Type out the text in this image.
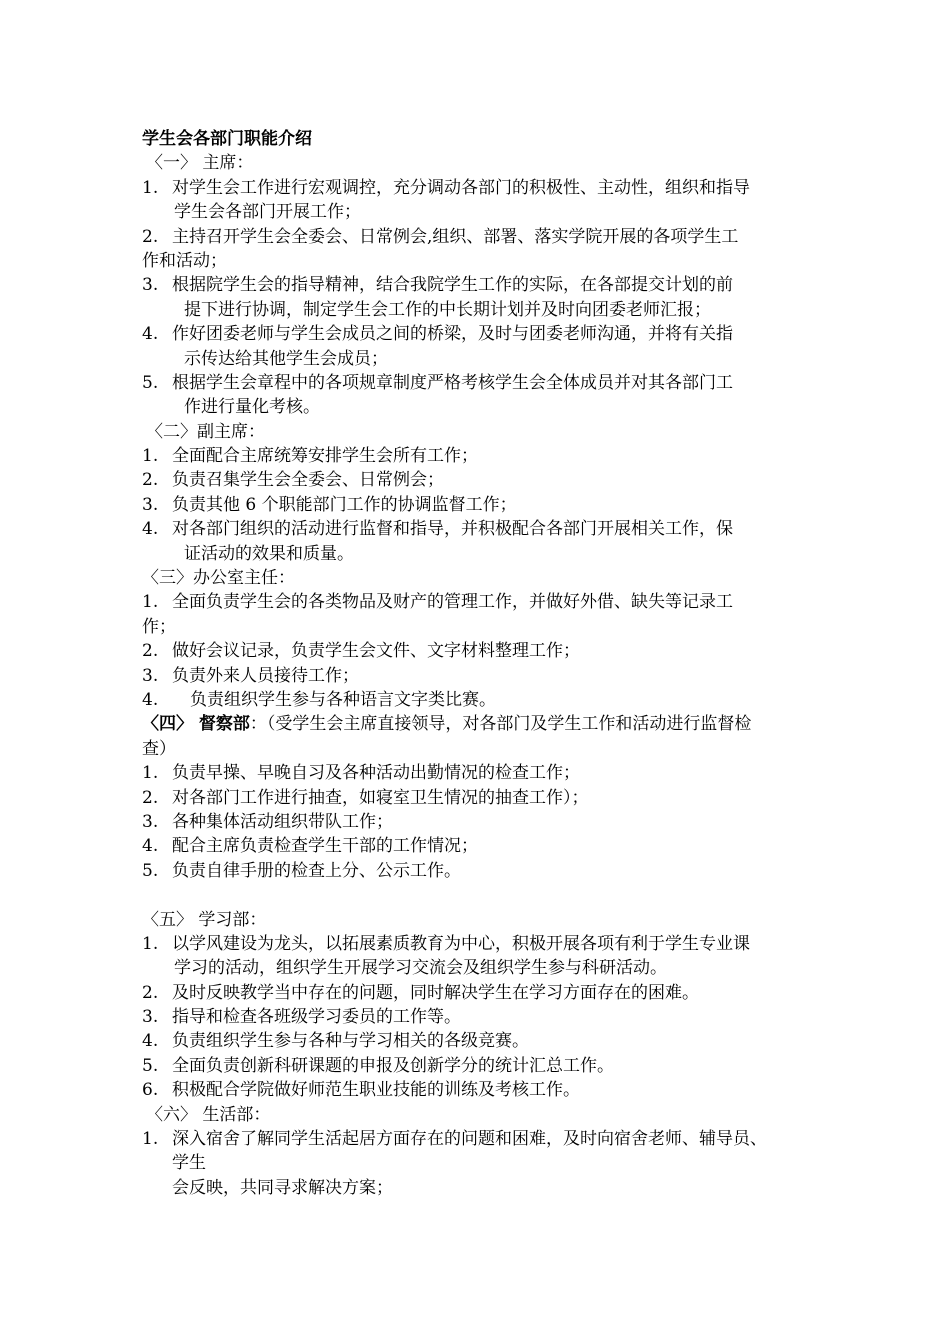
学生会各部门职能介绍
〈一〉 主席：
1. 对学生会工作进行宏观调控，充分调动各部门的积极性、主动性，组织和指导
学生会各部门开展工作；
2. 主持召开学生会全委会、日常例会,组织、部署、落实学院开展的各项学生工
作和活动；
3. 根据院学生会的指导精神，结合我院学生工作的实际，在各部提交计划的前
提下进行协调，制定学生会工作的中长期计划并及时向团委老师汇报；
4. 作好团委老师与学生会成员之间的桥梁，及时与团委老师沟通，并将有关指
示传达给其他学生会成员；
5. 根据学生会章程中的各项规章制度严格考核学生会全体成员并对其各部门工
作进行量化考核。
〈二〉副主席：
1. 全面配合主席统筹安排学生会所有工作；
2. 负责召集学生会全委会、日常例会；
3. 负责其他 6 个职能部门工作的协调监督工作；
4. 对各部门组织的活动进行监督和指导，并积极配合各部门开展相关工作，保
证活动的效果和质量。
〈三〉办公室主任：
1. 全面负责学生会的各类物品及财产的管理工作，并做好外借、缺失等记录工
作；
2. 做好会议记录，负责学生会文件、文字材料整理工作；
3. 负责外来人员接待工作；
4. 负责组织学生参与各种语言文字类比赛。
〈四〉 督察部：（受学生会主席直接领导，对各部门及学生工作和活动进行监督检
查）
1. 负责早操、早晚自习及各种活动出勤情况的检查工作；
2. 对各部门工作进行抽查，如寝室卫生情况的抽查工作）；
3. 各种集体活动组织带队工作；
4. 配合主席负责检查学生干部的工作情况；
5. 负责自律手册的检查上分、公示工作。
〈五〉 学习部：
1. 以学风建设为龙头，以拓展素质教育为中心，积极开展各项有利于学生专业课
学习的活动，组织学生开展学习交流会及组织学生参与科研活动。
2. 及时反映教学当中存在的问题，同时解决学生在学习方面存在的困难。
3. 指导和检查各班级学习委员的工作等。
4. 负责组织学生参与各种与学习相关的各级竞赛。
5. 全面负责创新科研课题的申报及创新学分的统计汇总工作。
6. 积极配合学院做好师范生职业技能的训练及考核工作。
〈六〉 生活部：
1. 深入宿舍了解同学生活起居方面存在的问题和困难，及时向宿舍老师、辅导员、
学生
会反映，共同寻求解决方案；
